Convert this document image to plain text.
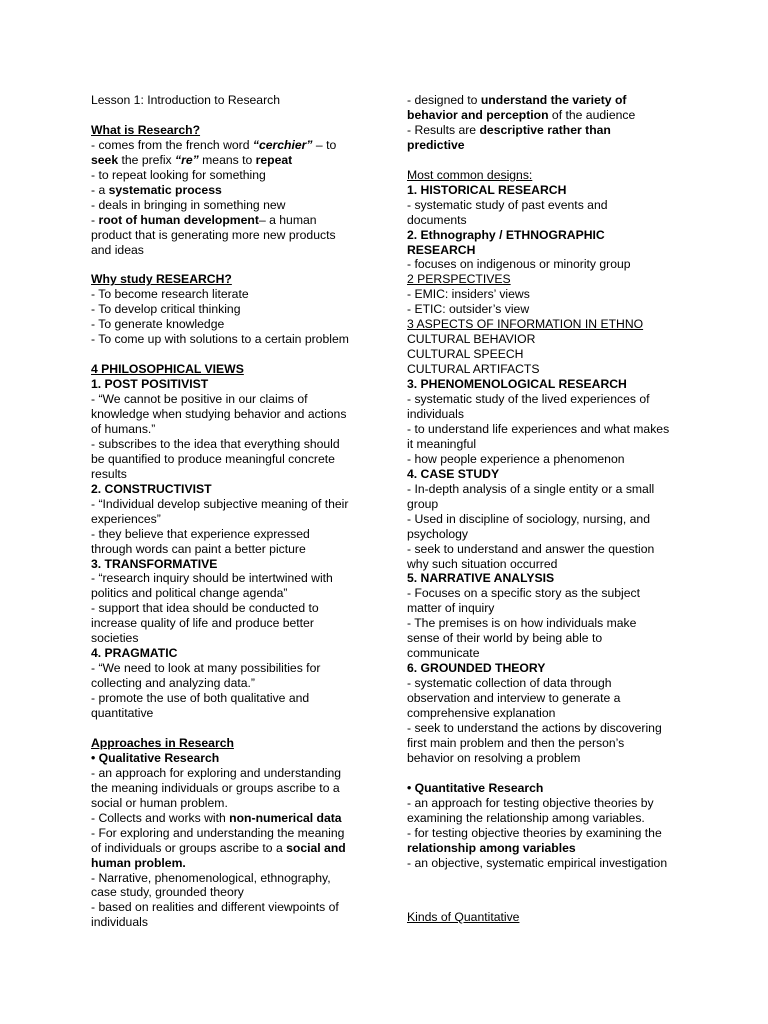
Lesson 1: Introduction to Research
What is Research?
- comes from the french word “cerchier” – to
seek the prefix “re” means to repeat
- to repeat looking for something
- a systematic process
- deals in bringing in something new
- root of human development– a human
product that is generating more new products
and ideas
Why study RESEARCH?
- To become research literate
- To develop critical thinking
- To generate knowledge
- To come up with solutions to a certain problem
4 PHILOSOPHICAL VIEWS
1. POST POSITIVIST
- “We cannot be positive in our claims of
knowledge when studying behavior and actions
of humans.”
- subscribes to the idea that everything should
be quantified to produce meaningful concrete
results
2. CONSTRUCTIVIST
- “Individual develop subjective meaning of their
experiences”
- they believe that experience expressed
through words can paint a better picture
3. TRANSFORMATIVE
- “research inquiry should be intertwined with
politics and political change agenda”
- support that idea should be conducted to
increase quality of life and produce better
societies
4. PRAGMATIC
- “We need to look at many possibilities for
collecting and analyzing data.”
- promote the use of both qualitative and
quantitative
Approaches in Research
• Qualitative Research
- an approach for exploring and understanding
the meaning individuals or groups ascribe to a
social or human problem.
- Collects and works with non-numerical data
- For exploring and understanding the meaning
of individuals or groups ascribe to a social and
human problem.
- Narrative, phenomenological, ethnography,
case study, grounded theory
- based on realities and different viewpoints of
individuals
- designed to understand the variety of
behavior and perception of the audience
- Results are descriptive rather than
predictive
Most common designs:
1. HISTORICAL RESEARCH
- systematic study of past events and
documents
2. Ethnography / ETHNOGRAPHIC
RESEARCH
- focuses on indigenous or minority group
2 PERSPECTIVES
- EMIC: insiders’ views
- ETIC: outsider’s view
3 ASPECTS OF INFORMATION IN ETHNO
CULTURAL BEHAVIOR
CULTURAL SPEECH
CULTURAL ARTIFACTS
3. PHENOMENOLOGICAL RESEARCH
- systematic study of the lived experiences of
individuals
- to understand life experiences and what makes
it meaningful
- how people experience a phenomenon
4. CASE STUDY
- In-depth analysis of a single entity or a small
group
- Used in discipline of sociology, nursing, and
psychology
- seek to understand and answer the question
why such situation occurred
5. NARRATIVE ANALYSIS
- Focuses on a specific story as the subject
matter of inquiry
- The premises is on how individuals make
sense of their world by being able to
communicate
6. GROUNDED THEORY
- systematic collection of data through
observation and interview to generate a
comprehensive explanation
- seek to understand the actions by discovering
first main problem and then the person’s
behavior on resolving a problem
• Quantitative Research
- an approach for testing objective theories by
examining the relationship among variables.
- for testing objective theories by examining the
relationship among variables
- an objective, systematic empirical investigation
Kinds of Quantitative
